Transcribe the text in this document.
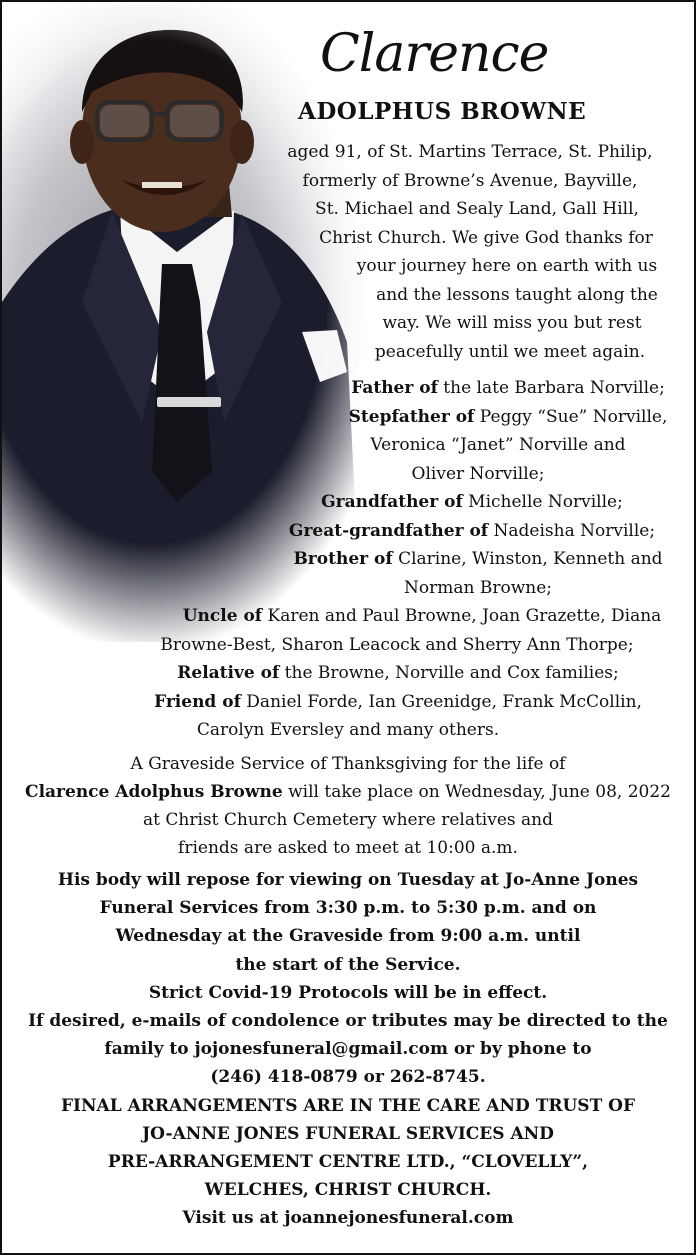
Clarence
ADOLPHUS BROWNE
aged 91, of St. Martins Terrace, St. Philip,
formerly of Browne’s Avenue, Bayville,
St. Michael and Sealy Land, Gall Hill,
Christ Church. We give God thanks for
your journey here on earth with us
and the lessons taught along the
way. We will miss you but rest
peacefully until we meet again.
Father of the late Barbara Norville;
Stepfather of Peggy “Sue” Norville,
Veronica “Janet” Norville and
Oliver Norville;
Grandfather of Michelle Norville;
Great-grandfather of Nadeisha Norville;
Brother of Clarine, Winston, Kenneth and
Norman Browne;
Uncle of Karen and Paul Browne, Joan Grazette, Diana
Browne-Best, Sharon Leacock and Sherry Ann Thorpe;
Relative of the Browne, Norville and Cox families;
Friend of Daniel Forde, Ian Greenidge, Frank McCollin,
Carolyn Eversley and many others.
A Graveside Service of Thanksgiving for the life of
Clarence Adolphus Browne will take place on Wednesday, June 08, 2022
at Christ Church Cemetery where relatives and
friends are asked to meet at 10:00 a.m.
His body will repose for viewing on Tuesday at Jo-Anne Jones
Funeral Services from 3:30 p.m. to 5:30 p.m. and on
Wednesday at the Graveside from 9:00 a.m. until
the start of the Service.
Strict Covid-19 Protocols will be in effect.
If desired, e-mails of condolence or tributes may be directed to the
family to jojonesfuneral@gmail.com or by phone to
(246) 418-0879 or 262-8745.
FINAL ARRANGEMENTS ARE IN THE CARE AND TRUST OF
JO-ANNE JONES FUNERAL SERVICES AND
PRE-ARRANGEMENT CENTRE LTD., “CLOVELLY”,
WELCHES, CHRIST CHURCH.
Visit us at joannejonesfuneral.com
